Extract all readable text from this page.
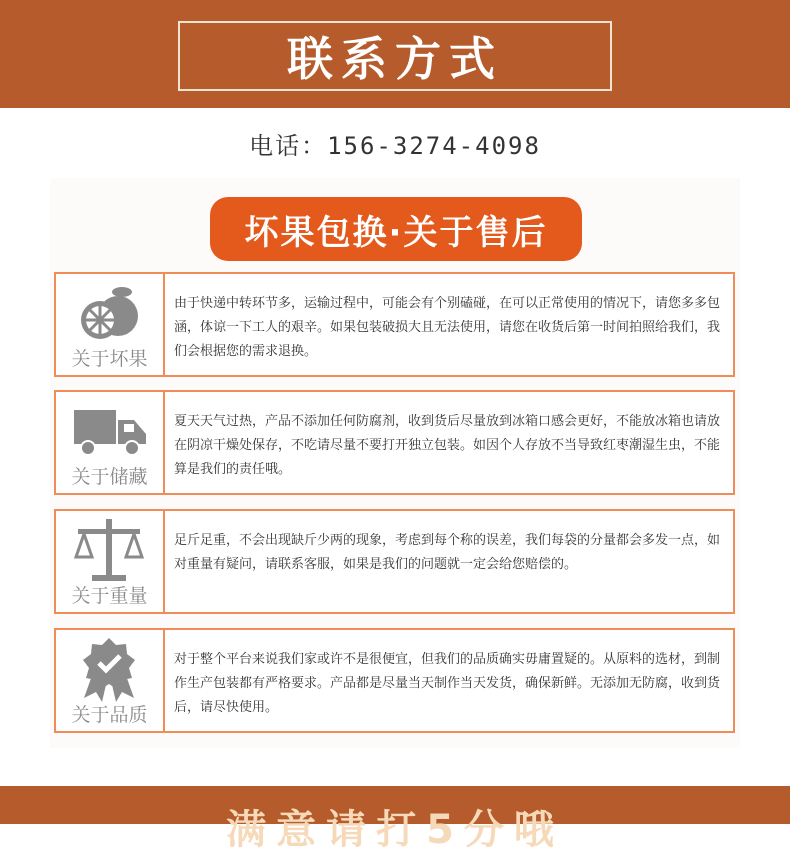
联系方式
电话：156-3274-4098
坏果包换·关于售后
关于坏果
由于快递中转环节多，运输过程中，可能会有个别磕碰，在可以正常使用的情况下，请您多多包涵，体谅一下工人的艰辛。如果包装破损大且无法使用，请您在收货后第一时间拍照给我们，我们会根据您的需求退换。
关于储藏
夏天天气过热，产品不添加任何防腐剂，收到货后尽量放到冰箱口感会更好，不能放冰箱也请放在阴凉干燥处保存，不吃请尽量不要打开独立包装。如因个人存放不当导致红枣潮湿生虫，不能算是我们的责任哦。
关于重量
足斤足重，不会出现缺斤少两的现象，考虑到每个称的误差，我们每袋的分量都会多发一点，如对重量有疑问，请联系客服，如果是我们的问题就一定会给您赔偿的。
关于品质
对于整个平台来说我们家或许不是很便宜，但我们的品质确实毋庸置疑的。从原料的选材，到制作生产包装都有严格要求。产品都是尽量当天制作当天发货，确保新鲜。无添加无防腐，收到货后，请尽快使用。
满意请打5分哦
